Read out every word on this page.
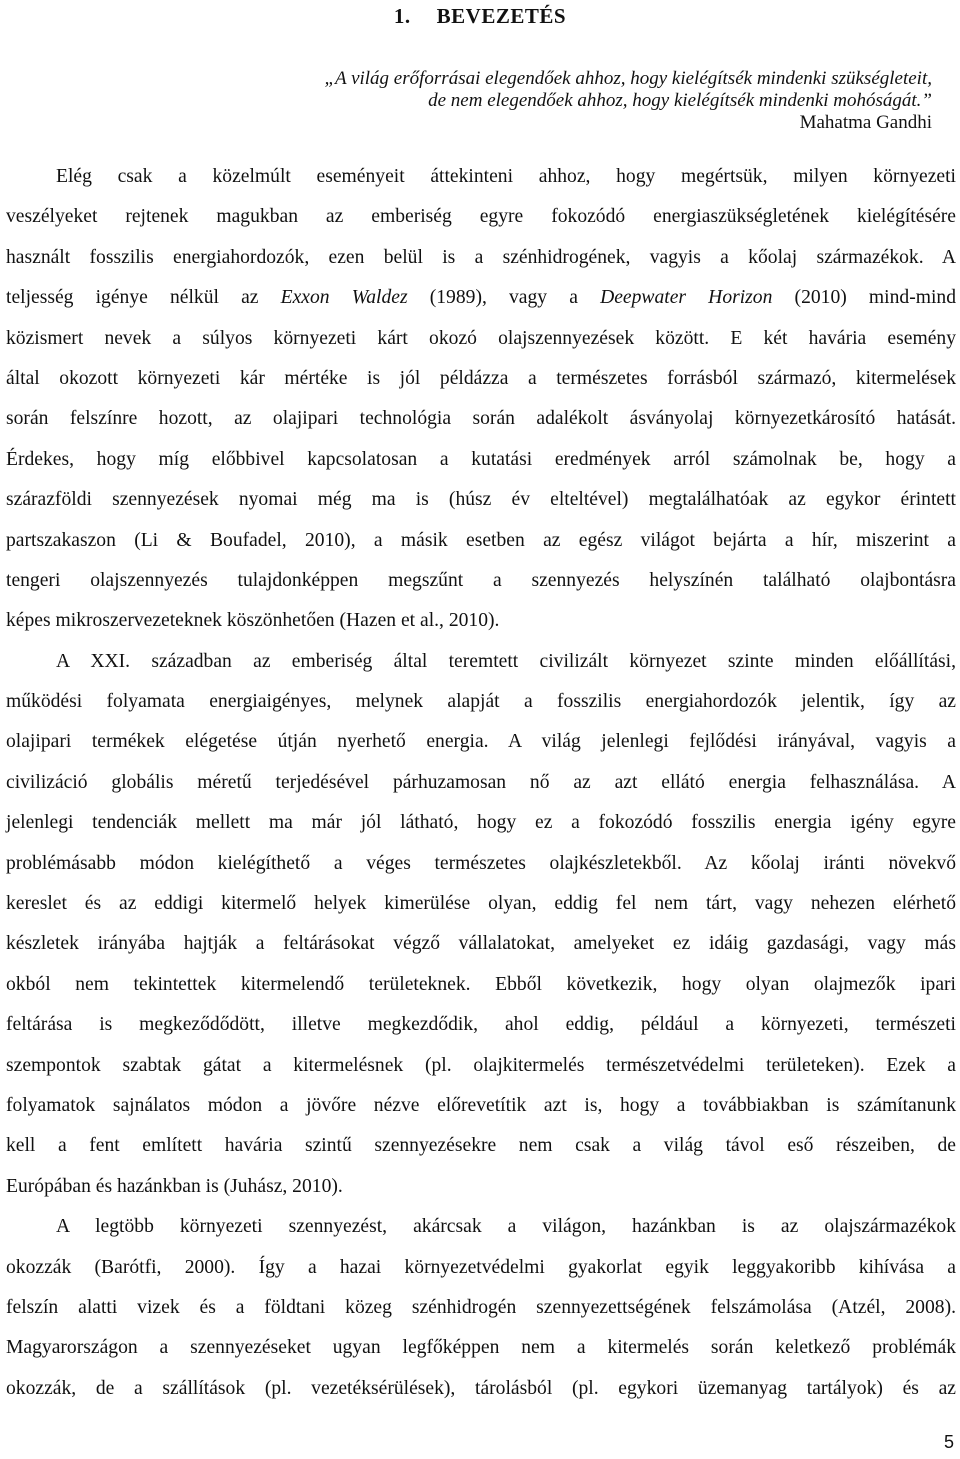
1. BEVEZETÉS
„A világ erőforrásai elegendőek ahhoz, hogy kielégítsék mindenki szükségleteit,
de nem elegendőek ahhoz, hogy kielégítsék mindenki mohóságát.”
Mahatma Gandhi
Elég csak a közelmúlt eseményeit áttekinteni ahhoz, hogy megértsük, milyen környezeti
veszélyeket rejtenek magukban az emberiség egyre fokozódó energiaszükségletének kielégítésére
használt fosszilis energiahordozók, ezen belül is a szénhidrogének, vagyis a kőolaj származékok. A
teljesség igénye nélkül az Exxon Waldez (1989), vagy a Deepwater Horizon (2010) mind-mind
közismert nevek a súlyos környezeti kárt okozó olajszennyezések között. E két havária esemény
által okozott környezeti kár mértéke is jól példázza a természetes forrásból származó, kitermelések
során felszínre hozott, az olajipari technológia során adalékolt ásványolaj környezetkárosító hatását.
Érdekes, hogy míg előbbivel kapcsolatosan a kutatási eredmények arról számolnak be, hogy a
szárazföldi szennyezések nyomai még ma is (húsz év elteltével) megtalálhatóak az egykor érintett
partszakaszon (Li & Boufadel, 2010), a másik esetben az egész világot bejárta a hír, miszerint a
tengeri olajszennyezés tulajdonképpen megszűnt a szennyezés helyszínén található olajbontásra
képes mikroszervezeteknek köszönhetően (Hazen et al., 2010).
A XXI. században az emberiség által teremtett civilizált környezet szinte minden előállítási,
működési folyamata energiaigényes, melynek alapját a fosszilis energiahordozók jelentik, így az
olajipari termékek elégetése útján nyerhető energia. A világ jelenlegi fejlődési irányával, vagyis a
civilizáció globális méretű terjedésével párhuzamosan nő az azt ellátó energia felhasználása. A
jelenlegi tendenciák mellett ma már jól látható, hogy ez a fokozódó fosszilis energia igény egyre
problémásabb módon kielégíthető a véges természetes olajkészletekből. Az kőolaj iránti növekvő
kereslet és az eddigi kitermelő helyek kimerülése olyan, eddig fel nem tárt, vagy nehezen elérhető
készletek irányába hajtják a feltárásokat végző vállalatokat, amelyeket ez idáig gazdasági, vagy más
okból nem tekintettek kitermelendő területeknek. Ebből következik, hogy olyan olajmezők ipari
feltárása is megkeződődött, illetve megkezdődik, ahol eddig, például a környezeti, természeti
szempontok szabtak gátat a kitermelésnek (pl. olajkitermelés természetvédelmi területeken). Ezek a
folyamatok sajnálatos módon a jövőre nézve előrevetítik azt is, hogy a továbbiakban is számítanunk
kell a fent említett havária szintű szennyezésekre nem csak a világ távol eső részeiben, de
Európában és hazánkban is (Juhász, 2010).
A legtöbb környezeti szennyezést, akárcsak a világon, hazánkban is az olajszármazékok
okozzák (Barótfi, 2000). Így a hazai környezetvédelmi gyakorlat egyik leggyakoribb kihívása a
felszín alatti vizek és a földtani közeg szénhidrogén szennyezettségének felszámolása (Atzél, 2008).
Magyarországon a szennyezéseket ugyan legfőképpen nem a kitermelés során keletkező problémák
okozzák, de a szállítások (pl. vezetéksérülések), tárolásból (pl. egykori üzemanyag tartályok) és az
5
